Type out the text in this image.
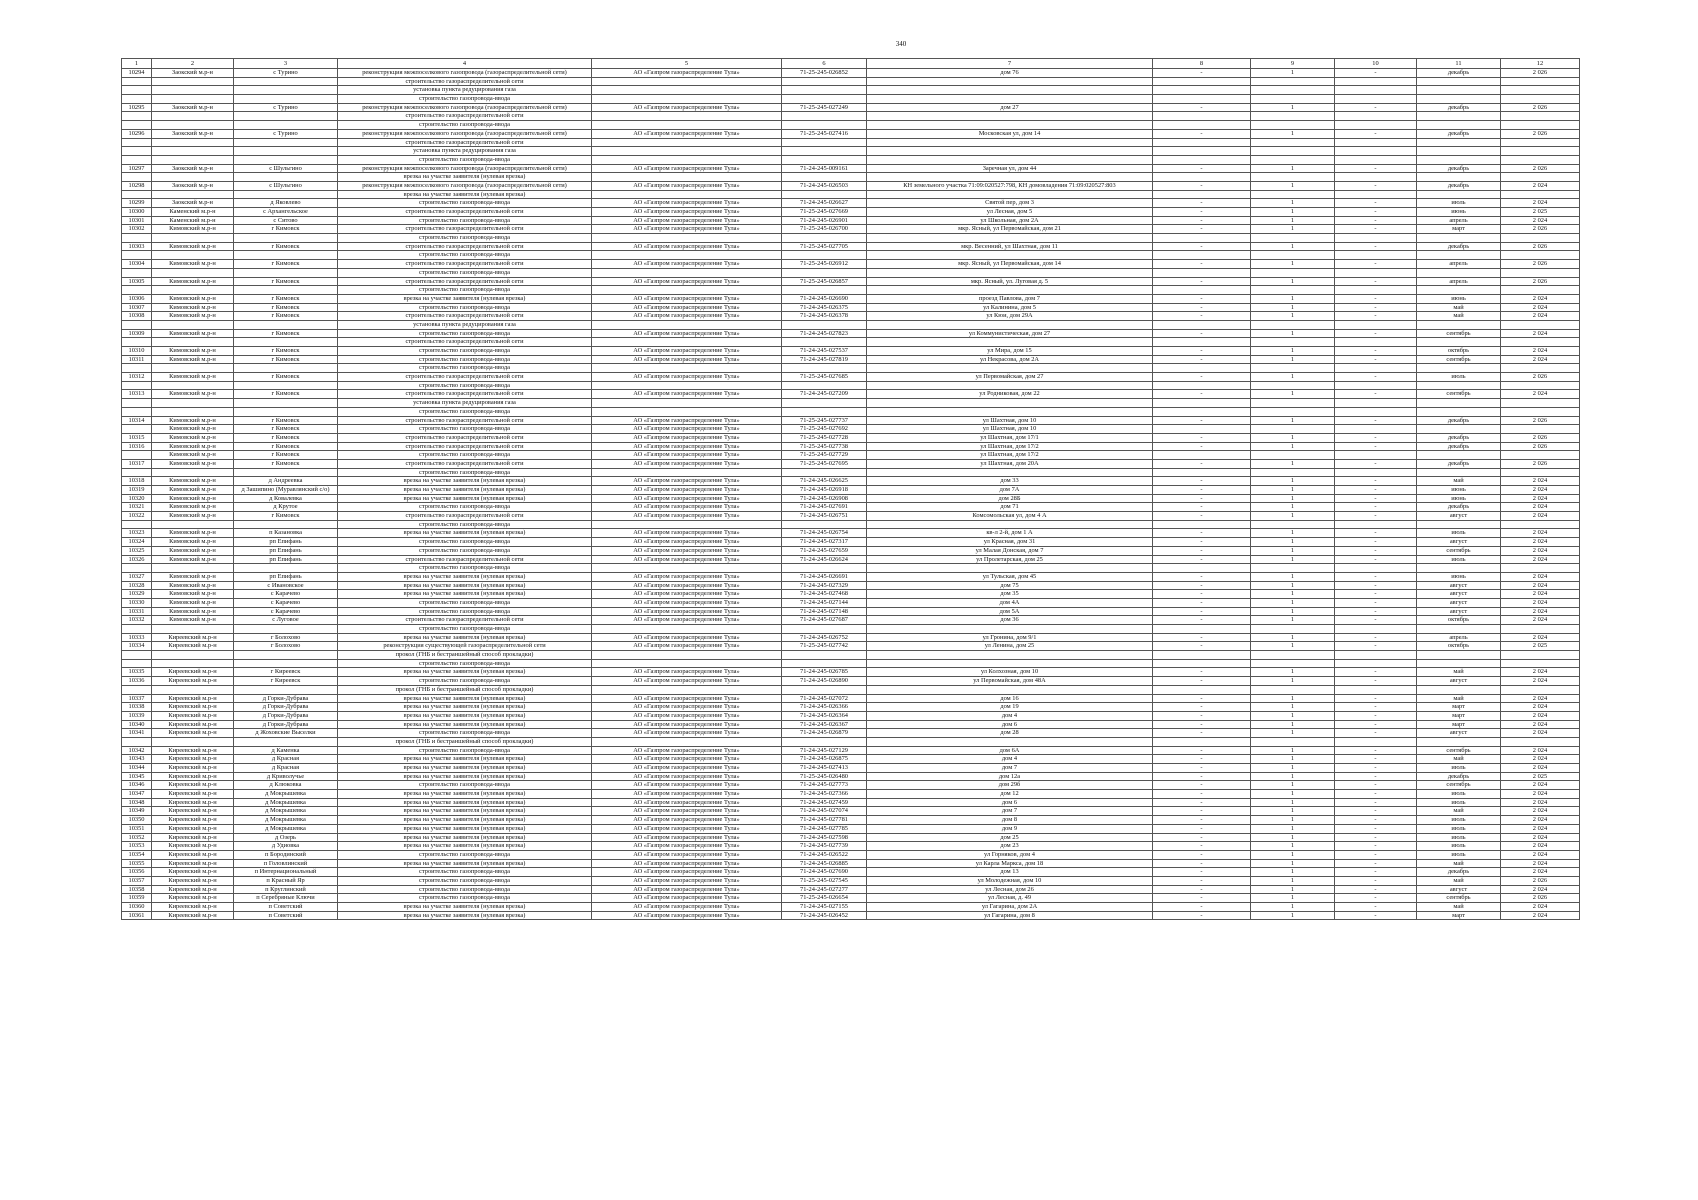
340
1	2	3	4	5	6	7	8	9	10	11	12
10294	Заокский м.р-н	с Турино	реконструкция межпоселкового газопровода (газораспределительной сети)	АО «Газпром газораспределение Тула»	71-25-245-026852	дом 76	-	1	-	декабрь	2 026
			строительство газораспределительной сети								
			установка пункта редуцирования газа								
			строительство газопровода-ввода								
10295	Заокский м.р-н	с Турино	реконструкция межпоселкового газопровода (газораспределительной сети)	АО «Газпром газораспределение Тула»	71-25-245-027249	дом 27	-	1	-	декабрь	2 026
			строительство газораспределительной сети								
			строительство газопровода-ввода								
10296	Заокский м.р-н	с Турино	реконструкция межпоселкового газопровода (газораспределительной сети)	АО «Газпром газораспределение Тула»	71-25-245-027416	Московская ул, дом 14	-	1	-	декабрь	2 026
			строительство газораспределительной сети								
			установка пункта редуцирования газа								
			строительство газопровода-ввода								
10297	Заокский м.р-н	с Шульгино	реконструкция межпоселкового газопровода (газораспределительной сети)	АО «Газпром газораспределение Тула»	71-24-245-009161	Заречная ул, дом 44	-	1	-	декабрь	2 026
			врезка на участке заявителя (нулевая врезка)								
10298	Заокский м.р-н	с Шульгино	реконструкция межпоселкового газопровода (газораспределительной сети)	АО «Газпром газораспределение Тула»	71-24-245-026503	КН земельного участка 71:09:020527:798, КН домовладения 71:09:020527:803	-	1	-	декабрь	2 024
			врезка на участке заявителя (нулевая врезка)								
10299	Заокский м.р-н	д Яковлево	строительство газопровода-ввода	АО «Газпром газораспределение Тула»	71-24-245-026627	Святой пер, дом 3	-	1	-	июль	2 024
10300	Каменский м.р-н	с Архангельское	строительство газораспределительной сети	АО «Газпром газораспределение Тула»	71-25-245-027669	ул Лесная, дом 5	-	1	-	июнь	2 025
10301	Каменский м.р-н	с Ситово	строительство газопровода-ввода	АО «Газпром газораспределение Тула»	71-24-245-026901	ул Школьная, дом 2А	-	1	-	апрель	2 024
10302	Кимовский м.р-н	г Кимовск	строительство газораспределительной сети	АО «Газпром газораспределение Тула»	71-25-245-026700	мкр. Ясный, ул Первомайская, дом 21	-	1	-	март	2 026
			строительство газопровода-ввода								
10303	Кимовский м.р-н	г Кимовск	строительство газораспределительной сети	АО «Газпром газораспределение Тула»	71-25-245-027705	мкр. Весенний, ул Шахтная, дом 11	-	1	-	декабрь	2 026
			строительство газопровода-ввода								
10304	Кимовский м.р-н	г Кимовск	строительство газораспределительной сети	АО «Газпром газораспределение Тула»	71-25-245-026912	мкр. Ясный, ул Первомайская, дом 14	-	1	-	апрель	2 026
			строительство газопровода-ввода								
10305	Кимовский м.р-н	г Кимовск	строительство газораспределительной сети	АО «Газпром газораспределение Тула»	71-25-245-026857	мкр. Ясный, ул. Луговая д. 5	-	1	-	апрель	2 026
			строительство газопровода-ввода								
10306	Кимовский м.р-н	г Кимовск	врезка на участке заявителя (нулевая врезка)	АО «Газпром газораспределение Тула»	71-24-245-026690	проезд Павлова, дом 7	-	1	-	июнь	2 024
10307	Кимовский м.р-н	г Кимовск	строительство газопровода-ввода	АО «Газпром газораспределение Тула»	71-24-245-026375	ул Калинина, дом 5	-	1	-	май	2 024
10308	Кимовский м.р-н	г Кимовск	строительство газораспределительной сети	АО «Газпром газораспределение Тула»	71-24-245-026378	ул Кюи, дом 29А	-	1	-	май	2 024
			установка пункта редуцирования газа								
10309	Кимовский м.р-н	г Кимовск	строительство газопровода-ввода	АО «Газпром газораспределение Тула»	71-24-245-027823	ул Коммунистическая, дом 27	-	1	-	сентябрь	2 024
			строительство газораспределительной сети								
10310	Кимовский м.р-н	г Кимовск	строительство газопровода-ввода	АО «Газпром газораспределение Тула»	71-24-245-027537	ул Мира, дом 15	-	1	-	октябрь	2 024
10311	Кимовский м.р-н	г Кимовск	строительство газопровода-ввода	АО «Газпром газораспределение Тула»	71-24-245-027819	ул Некрасова, дом 2А	-	1	-	сентябрь	2 024
			строительство газопровода-ввода								
10312	Кимовский м.р-н	г Кимовск	строительство газораспределительной сети	АО «Газпром газораспределение Тула»	71-25-245-027685	ул Первомайская, дом 27	-	1	-	июль	2 026
			строительство газопровода-ввода								
10313	Кимовский м.р-н	г Кимовск	строительство газораспределительной сети	АО «Газпром газораспределение Тула»	71-24-245-027209	ул Родниковая, дом 22	-	1	-	сентябрь	2 024
			установка пункта редуцирования газа								
			строительство газопровода-ввода								
10314	Кимовский м.р-н	г Кимовск	строительство газораспределительной сети	АО «Газпром газораспределение Тула»	71-25-245-027737	ул Шахтная, дом 10	-	1	-	декабрь	2 026
	Кимовский м.р-н	г Кимовск	строительство газопровода-ввода	АО «Газпром газораспределение Тула»	71-25-245-027692	ул Шахтная, дом 10					
10315	Кимовский м.р-н	г Кимовск	строительство газораспределительной сети	АО «Газпром газораспределение Тула»	71-25-245-027728	ул Шахтная, дом 17/1	-	1	-	декабрь	2 026
10316	Кимовский м.р-н	г Кимовск	строительство газораспределительной сети	АО «Газпром газораспределение Тула»	71-25-245-027738	ул Шахтная, дом 17/2	-	1	-	декабрь	2 026
	Кимовский м.р-н	г Кимовск	строительство газопровода-ввода	АО «Газпром газораспределение Тула»	71-25-245-027729	ул Шахтная, дом 17/2					
10317	Кимовский м.р-н	г Кимовск	строительство газораспределительной сети	АО «Газпром газораспределение Тула»	71-25-245-027695	ул Шахтная, дом 20А	-	1	-	декабрь	2 026
			строительство газопровода-ввода								
10318	Кимовский м.р-н	д Андреевка	врезка на участке заявителя (нулевая врезка)	АО «Газпром газораспределение Тула»	71-24-245-026625	дом 33	-	1	-	май	2 024
10319	Кимовский м.р-н	д Зашипино (Муравлянский с/о)	врезка на участке заявителя (нулевая врезка)	АО «Газпром газораспределение Тула»	71-24-245-026918	дом 7А	-	1	-	июнь	2 024
10320	Кимовский м.р-н	д Ковалевка	врезка на участке заявителя (нулевая врезка)	АО «Газпром газораспределение Тула»	71-24-245-026908	дом 28Б	-	1	-	июнь	2 024
10321	Кимовский м.р-н	д Крутое	строительство газопровода-ввода	АО «Газпром газораспределение Тула»	71-24-245-027691	дом 71	-	1	-	декабрь	2 024
10322	Кимовский м.р-н	г Кимовск	строительство газораспределительной сети	АО «Газпром газораспределение Тула»	71-24-245-026751	Комсомольская ул, дом 4 А	-	1	-	август	2 024
			строительство газопровода-ввода								
10323	Кимовский м.р-н	п Казановка	врезка на участке заявителя (нулевая врезка)	АО «Газпром газораспределение Тула»	71-24-245-026754	кв-л 2-й, дом 1 А	-	1	-	июль	2 024
10324	Кимовский м.р-н	рп Епифань	строительство газопровода-ввода	АО «Газпром газораспределение Тула»	71-24-245-027317	ул Красная, дом 31	-	1	-	август	2 024
10325	Кимовский м.р-н	рп Епифань	строительство газопровода-ввода	АО «Газпром газораспределение Тула»	71-24-245-027659	ул Малая Донская, дом 7	-	1	-	сентябрь	2 024
10326	Кимовский м.р-н	рп Епифань	строительство газораспределительной сети	АО «Газпром газораспределение Тула»	71-24-245-026624	ул Пролетарская, дом 25	-	1	-	июль	2 024
			строительство газопровода-ввода								
10327	Кимовский м.р-н	рп Епифань	врезка на участке заявителя (нулевая врезка)	АО «Газпром газораспределение Тула»	71-24-245-026691	ул Тульская, дом 45	-	1	-	июнь	2 024
10328	Кимовский м.р-н	с Ивановское	врезка на участке заявителя (нулевая врезка)	АО «Газпром газораспределение Тула»	71-24-245-027329	дом 75	-	1	-	август	2 024
10329	Кимовский м.р-н	с Карачево	врезка на участке заявителя (нулевая врезка)	АО «Газпром газораспределение Тула»	71-24-245-027468	дом 35	-	1	-	август	2 024
10330	Кимовский м.р-н	с Карачево	строительство газопровода-ввода	АО «Газпром газораспределение Тула»	71-24-245-027144	дом 4А	-	1	-	август	2 024
10331	Кимовский м.р-н	с Карачево	строительство газопровода-ввода	АО «Газпром газораспределение Тула»	71-24-245-027148	дом 5А	-	1	-	август	2 024
10332	Кимовский м.р-н	с Луговое	строительство газораспределительной сети	АО «Газпром газораспределение Тула»	71-24-245-027687	дом 36	-	1	-	октябрь	2 024
			строительство газопровода-ввода								
10333	Киреевский м.р-н	г Болохово	врезка на участке заявителя (нулевая врезка)	АО «Газпром газораспределение Тула»	71-24-245-026752	ул Гронина, дом 9/1	-	1	-	апрель	2 024
10334	Киреевский м.р-н	г Болохово	реконструкция существующей газораспределительной сети	АО «Газпром газораспределение Тула»	71-25-245-027742	ул Ленина, дом 25	-	1	-	октябрь	2 025
			прокол (ГНБ и бестраншейный способ прокладки)								
			строительство газопровода-ввода								
10335	Киреевский м.р-н	г Киреевск	врезка на участке заявителя (нулевая врезка)	АО «Газпром газораспределение Тула»	71-24-245-026785	ул Колхозная, дом 10	-	1	-	май	2 024
10336	Киреевский м.р-н	г Киреевск	строительство газопровода-ввода	АО «Газпром газораспределение Тула»	71-24-245-026890	ул Первомайская, дом 48А	-	1	-	август	2 024
			прокол (ГНБ и бестраншейный способ прокладки)								
10337	Киреевский м.р-н	д Горки-Дубрава	врезка на участке заявителя (нулевая врезка)	АО «Газпром газораспределение Тула»	71-24-245-027072	дом 16	-	1	-	май	2 024
10338	Киреевский м.р-н	д Горки-Дубрава	врезка на участке заявителя (нулевая врезка)	АО «Газпром газораспределение Тула»	71-24-245-026366	дом 19	-	1	-	март	2 024
10339	Киреевский м.р-н	д Горки-Дубрава	врезка на участке заявителя (нулевая врезка)	АО «Газпром газораспределение Тула»	71-24-245-026364	дом 4	-	1	-	март	2 024
10340	Киреевский м.р-н	д Горки-Дубрава	врезка на участке заявителя (нулевая врезка)	АО «Газпром газораспределение Тула»	71-24-245-026367	дом 6	-	1	-	март	2 024
10341	Киреевский м.р-н	д Жоховские Выселки	строительство газопровода-ввода	АО «Газпром газораспределение Тула»	71-24-245-026879	дом 28	-	1	-	август	2 024
			прокол (ГНБ и бестраншейный способ прокладки)								
10342	Киреевский м.р-н	д Каменка	строительство газопровода-ввода	АО «Газпром газораспределение Тула»	71-24-245-027129	дом 6А	-	1	-	сентябрь	2 024
10343	Киреевский м.р-н	д Красная	врезка на участке заявителя (нулевая врезка)	АО «Газпром газораспределение Тула»	71-24-245-026875	дом 4	-	1	-	май	2 024
10344	Киреевский м.р-н	д Красная	врезка на участке заявителя (нулевая врезка)	АО «Газпром газораспределение Тула»	71-24-245-027413	дом 7	-	1	-	июль	2 024
10345	Киреевский м.р-н	д Криволучье	врезка на участке заявителя (нулевая врезка)	АО «Газпром газораспределение Тула»	71-25-245-026480	дом 12а	-	1	-	декабрь	2 025
10346	Киреевский м.р-н	д Клюковка	строительство газопровода-ввода	АО «Газпром газораспределение Тула»	71-24-245-027773	дом 29б	-	1	-	сентябрь	2 024
10347	Киреевский м.р-н	д Мокрышевка	врезка на участке заявителя (нулевая врезка)	АО «Газпром газораспределение Тула»	71-24-245-027366	дом 12	-	1	-	июль	2 024
10348	Киреевский м.р-н	д Мокрышевка	врезка на участке заявителя (нулевая врезка)	АО «Газпром газораспределение Тула»	71-24-245-027459	дом 6	-	1	-	июль	2 024
10349	Киреевский м.р-н	д Мокрышевка	врезка на участке заявителя (нулевая врезка)	АО «Газпром газораспределение Тула»	71-24-245-027074	дом 7	-	1	-	май	2 024
10350	Киреевский м.р-н	д Мокрышевка	врезка на участке заявителя (нулевая врезка)	АО «Газпром газораспределение Тула»	71-24-245-027781	дом 8	-	1	-	июль	2 024
10351	Киреевский м.р-н	д Мокрышевка	врезка на участке заявителя (нулевая врезка)	АО «Газпром газораспределение Тула»	71-24-245-027785	дом 9	-	1	-	июль	2 024
10352	Киреевский м.р-н	д Озерь	врезка на участке заявителя (нулевая врезка)	АО «Газпром газораспределение Тула»	71-24-245-027598	дом 25	-	1	-	июль	2 024
10353	Киреевский м.р-н	д Удиовка	врезка на участке заявителя (нулевая врезка)	АО «Газпром газораспределение Тула»	71-24-245-027739	дом 23	-	1	-	июль	2 024
10354	Киреевский м.р-н	п Бородинский	строительство газопровода-ввода	АО «Газпром газораспределение Тула»	71-24-245-026522	ул Горняков, дом 4	-	1	-	июль	2 024
10355	Киреевский м.р-н	п Головлинский	врезка на участке заявителя (нулевая врезка)	АО «Газпром газораспределение Тула»	71-24-245-026885	ул Карла Маркса, дом 18	-	1	-	май	2 024
10356	Киреевский м.р-н	п Интернациональный	строительство газопровода-ввода	АО «Газпром газораспределение Тула»	71-24-245-027690	дом 13	-	1	-	декабрь	2 024
10357	Киреевский м.р-н	п Красный Яр	строительство газопровода-ввода	АО «Газпром газораспределение Тула»	71-25-245-027545	ул Молодежная, дом 10	-	1	-	май	2 026
10358	Киреевский м.р-н	п Круглинский	строительство газопровода-ввода	АО «Газпром газораспределение Тула»	71-24-245-027277	ул Лесная, дом 26	-	1	-	август	2 024
10359	Киреевский м.р-н	п Серебряные Ключи	строительство газопровода-ввода	АО «Газпром газораспределение Тула»	71-25-245-026654	ул Лесная, д. 49	-	1	-	сентябрь	2 026
10360	Киреевский м.р-н	п Советский	врезка на участке заявителя (нулевая врезка)	АО «Газпром газораспределение Тула»	71-24-245-027155	ул Гагарина, дом 2А	-	1	-	май	2 024
10361	Киреевский м.р-н	п Советский	врезка на участке заявителя (нулевая врезка)	АО «Газпром газораспределение Тула»	71-24-245-026452	ул Гагарина, дом 8	-	1	-	март	2 024
